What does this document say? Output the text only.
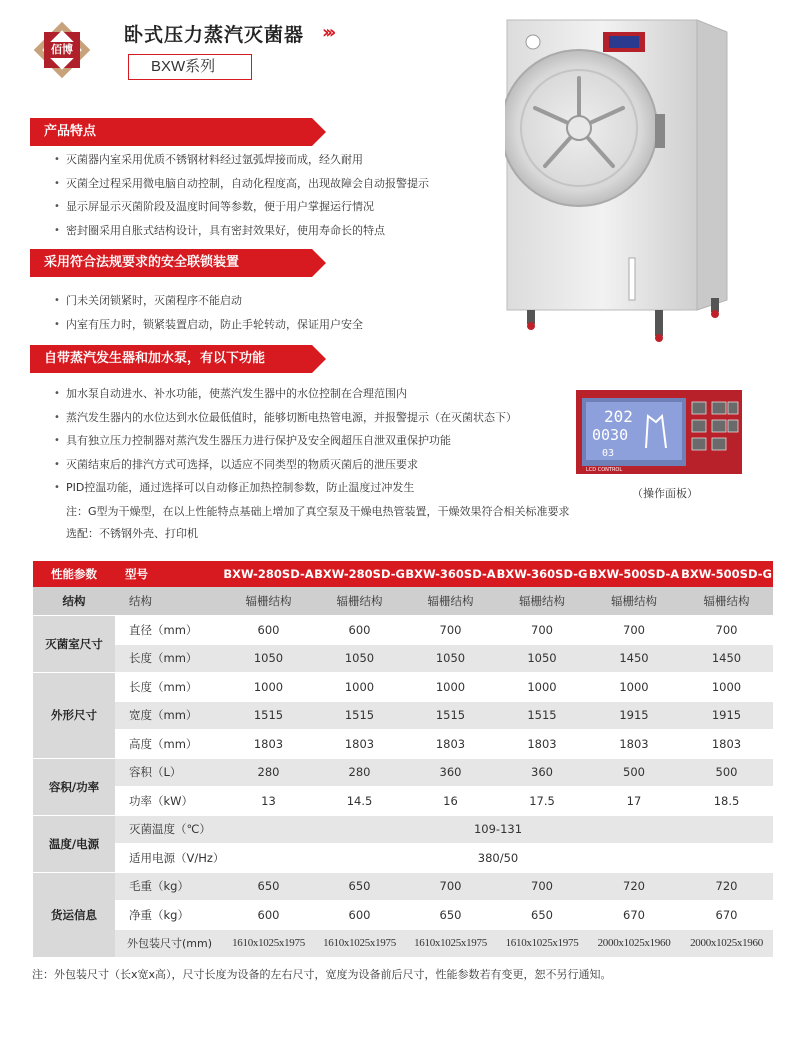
佰博
卧式压力蒸汽灭菌器 ›››
BXW系列
产品特点
• 灭菌器内室采用优质不锈钢材料经过氩弧焊接而成，经久耐用
• 灭菌全过程采用微电脑自动控制，自动化程度高，出现故障会自动报警提示
• 显示屏显示灭菌阶段及温度时间等参数，便于用户掌握运行情况
• 密封圈采用自胀式结构设计，具有密封效果好，使用寿命长的特点
采用符合法规要求的安全联锁装置
• 门未关闭锁紧时，灭菌程序不能启动
• 内室有压力时，锁紧装置启动，防止手轮转动，保证用户安全
自带蒸汽发生器和加水泵，有以下功能
• 加水泵自动进水、补水功能，使蒸汽发生器中的水位控制在合理范围内
• 蒸汽发生器内的水位达到水位最低值时，能够切断电热管电源，并报警提示（在灭菌状态下）
• 具有独立压力控制器对蒸汽发生器压力进行保护及安全阀超压自泄双重保护功能
• 灭菌结束后的排汽方式可选择，以适应不同类型的物质灭菌后的泄压要求
• PID控温功能，通过选择可以自动修正加热控制参数，防止温度过冲发生
注：G型为干燥型，在以上性能特点基础上增加了真空泵及干燥电热管装置，干燥效果符合相关标准要求
选配：不锈钢外壳、打印机
202
0030
03
LCD CONTROL
（操作面板）
性能参数	型号	BXW-280SD-A	BXW-280SD-G	BXW-360SD-A	BXW-360SD-G	BXW-500SD-A	BXW-500SD-G
结构	结构	辐栅结构	辐栅结构	辐栅结构	辐栅结构	辐栅结构	辐栅结构
灭菌室尺寸	直径（mm）	600	600	700	700	700	700
	长度（mm）	1050	1050	1050	1050	1450	1450
外形尺寸	长度（mm）	1000	1000	1000	1000	1000	1000
	宽度（mm）	1515	1515	1515	1515	1915	1915
	高度（mm）	1803	1803	1803	1803	1803	1803
容积/功率	容积（L）	280	280	360	360	500	500
	功率（kW）	13	14.5	16	17.5	17	18.5
温度/电源	灭菌温度（℃）	109-131					
	适用电源（V/Hz）	380/50					
货运信息	毛重（kg）	650	650	700	700	720	720
	净重（kg）	600	600	650	650	670	670
	外包装尺寸(mm)	1610x1025x1975	1610x1025x1975	1610x1025x1975	1610x1025x1975	2000x1025x1960	2000x1025x1960
注：外包装尺寸（长x宽x高），尺寸长度为设备的左右尺寸，宽度为设备前后尺寸，性能参数若有变更，恕不另行通知。
